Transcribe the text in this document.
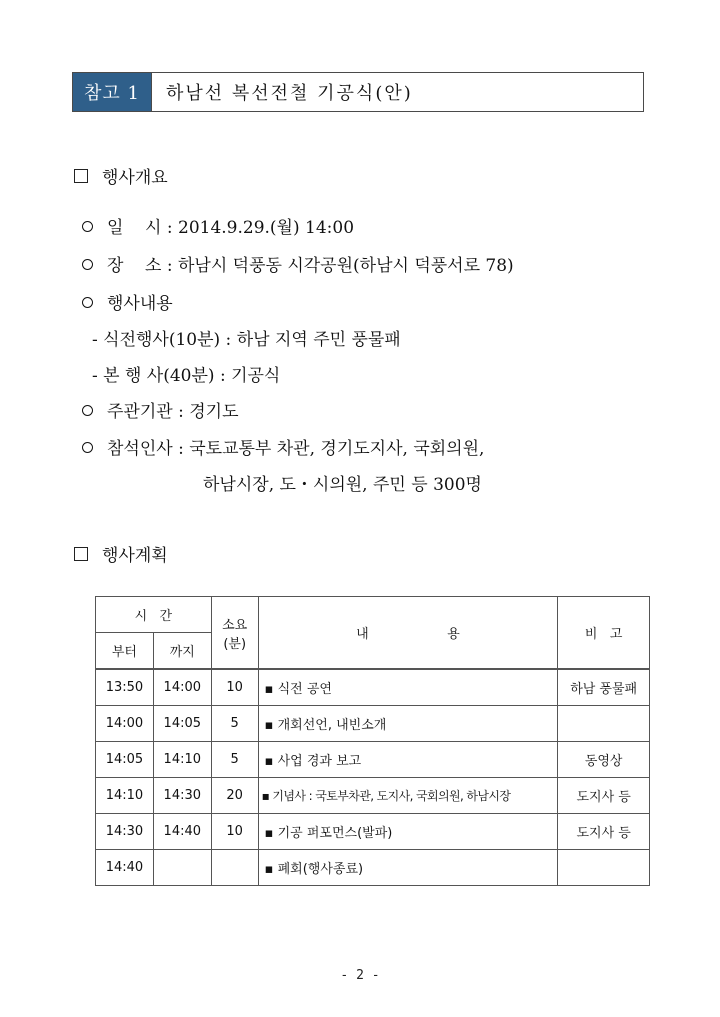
참고 1	하남선 복선전철 기공식(안)
행사개요
일    시 : 2014.9.29.(월) 14:00
장    소 : 하남시 덕풍동 시각공원(하남시 덕풍서로 78)
행사내용
- 식전행사(10분) : 하남 지역 주민 풍물패
- 본 행 사(40분) : 기공식
주관기관 : 경기도
참석인사 : 국토교통부 차관, 경기도지사, 국회의원,
하남시장, 도・시의원, 주민 등 300명
행사계획
시   간		소요(분)	내                   용	비   고
부터	까지			
13:50	14:00	10	▪ 식전 공연	하남 풍물패
14:00	14:05	5	▪ 개회선언, 내빈소개	
14:05	14:10	5	▪ 사업 경과 보고	동영상
14:10	14:30	20	▪ 기념사 : 국토부차관, 도지사, 국회의원, 하남시장	도지사 등
14:30	14:40	10	▪ 기공 퍼포먼스(발파)	도지사 등
14:40			▪ 폐회(행사종료)	
- 2 -
